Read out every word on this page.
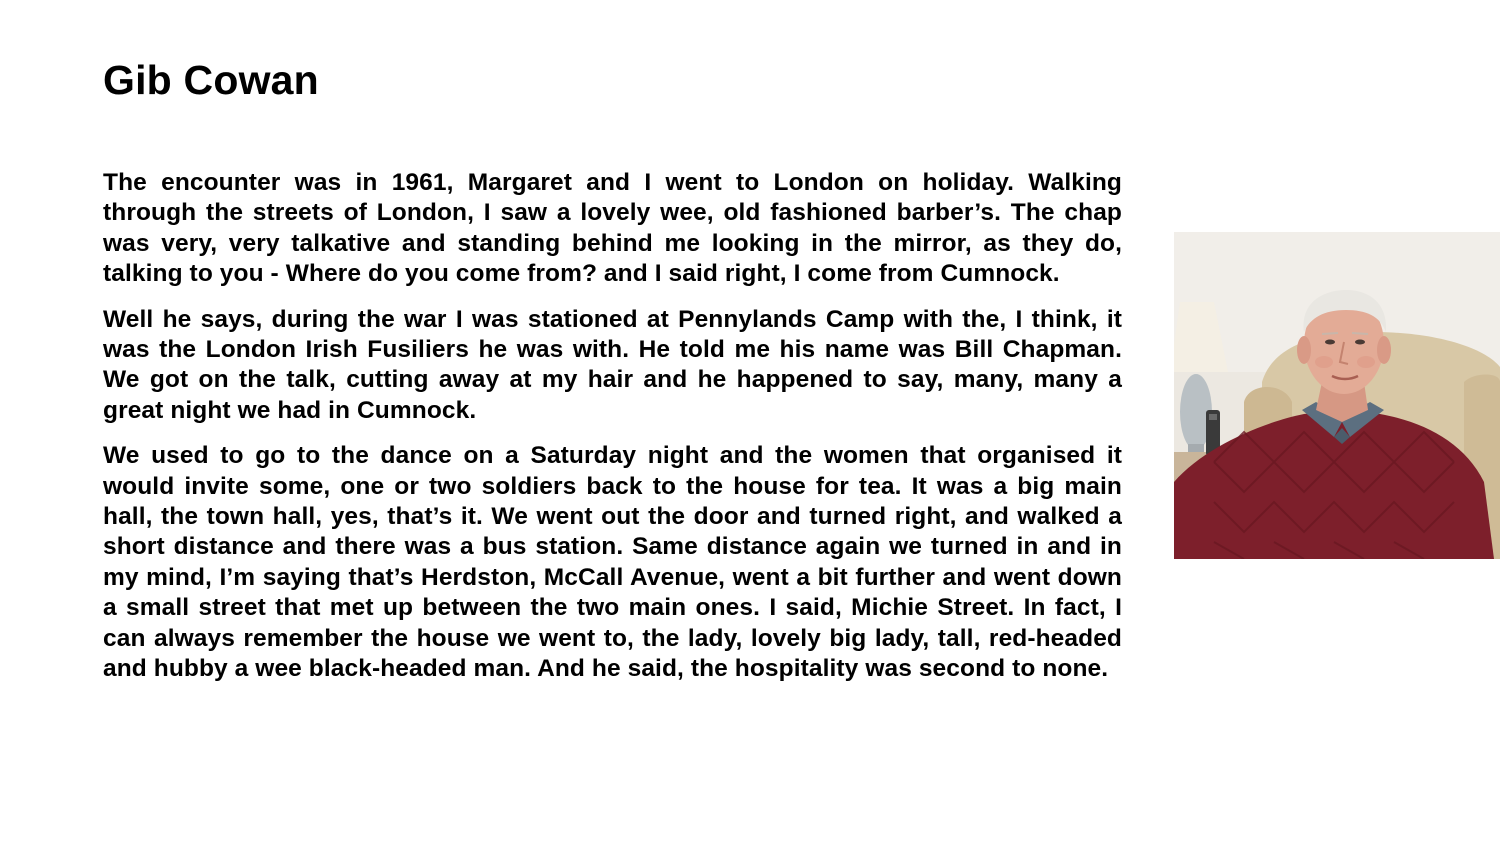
Gib Cowan

The encounter was in 1961, Margaret and I went to London on holiday. Walking through the streets of London, I saw a lovely wee, old fashioned barber’s. The chap was very, very talkative and standing behind me looking in the mirror, as they do, talking to you - Where do you come from? and I said right, I come from Cumnock.

Well he says, during the war I was stationed at Pennylands Camp with the, I think, it was the London Irish Fusiliers he was with. He told me his name was Bill Chapman. We got on the talk, cutting away at my hair and he happened to say, many, many a great night we had in Cumnock.

We used to go to the dance on a Saturday night and the women that organised it would invite some, one or two soldiers back to the house for tea. It was a big main hall, the town hall, yes, that’s it. We went out the door and turned right, and walked a short distance and there was a bus station. Same distance again we turned in and in my mind, I’m saying that’s Herdston, McCall Avenue, went a bit further and went down a small street that met up between the two main ones. I said, Michie Street. In fact, I can always remember the house we went to, the lady, lovely big lady, tall, red-headed and hubby a wee black-headed man. And he said, the hospitality was second to none.
